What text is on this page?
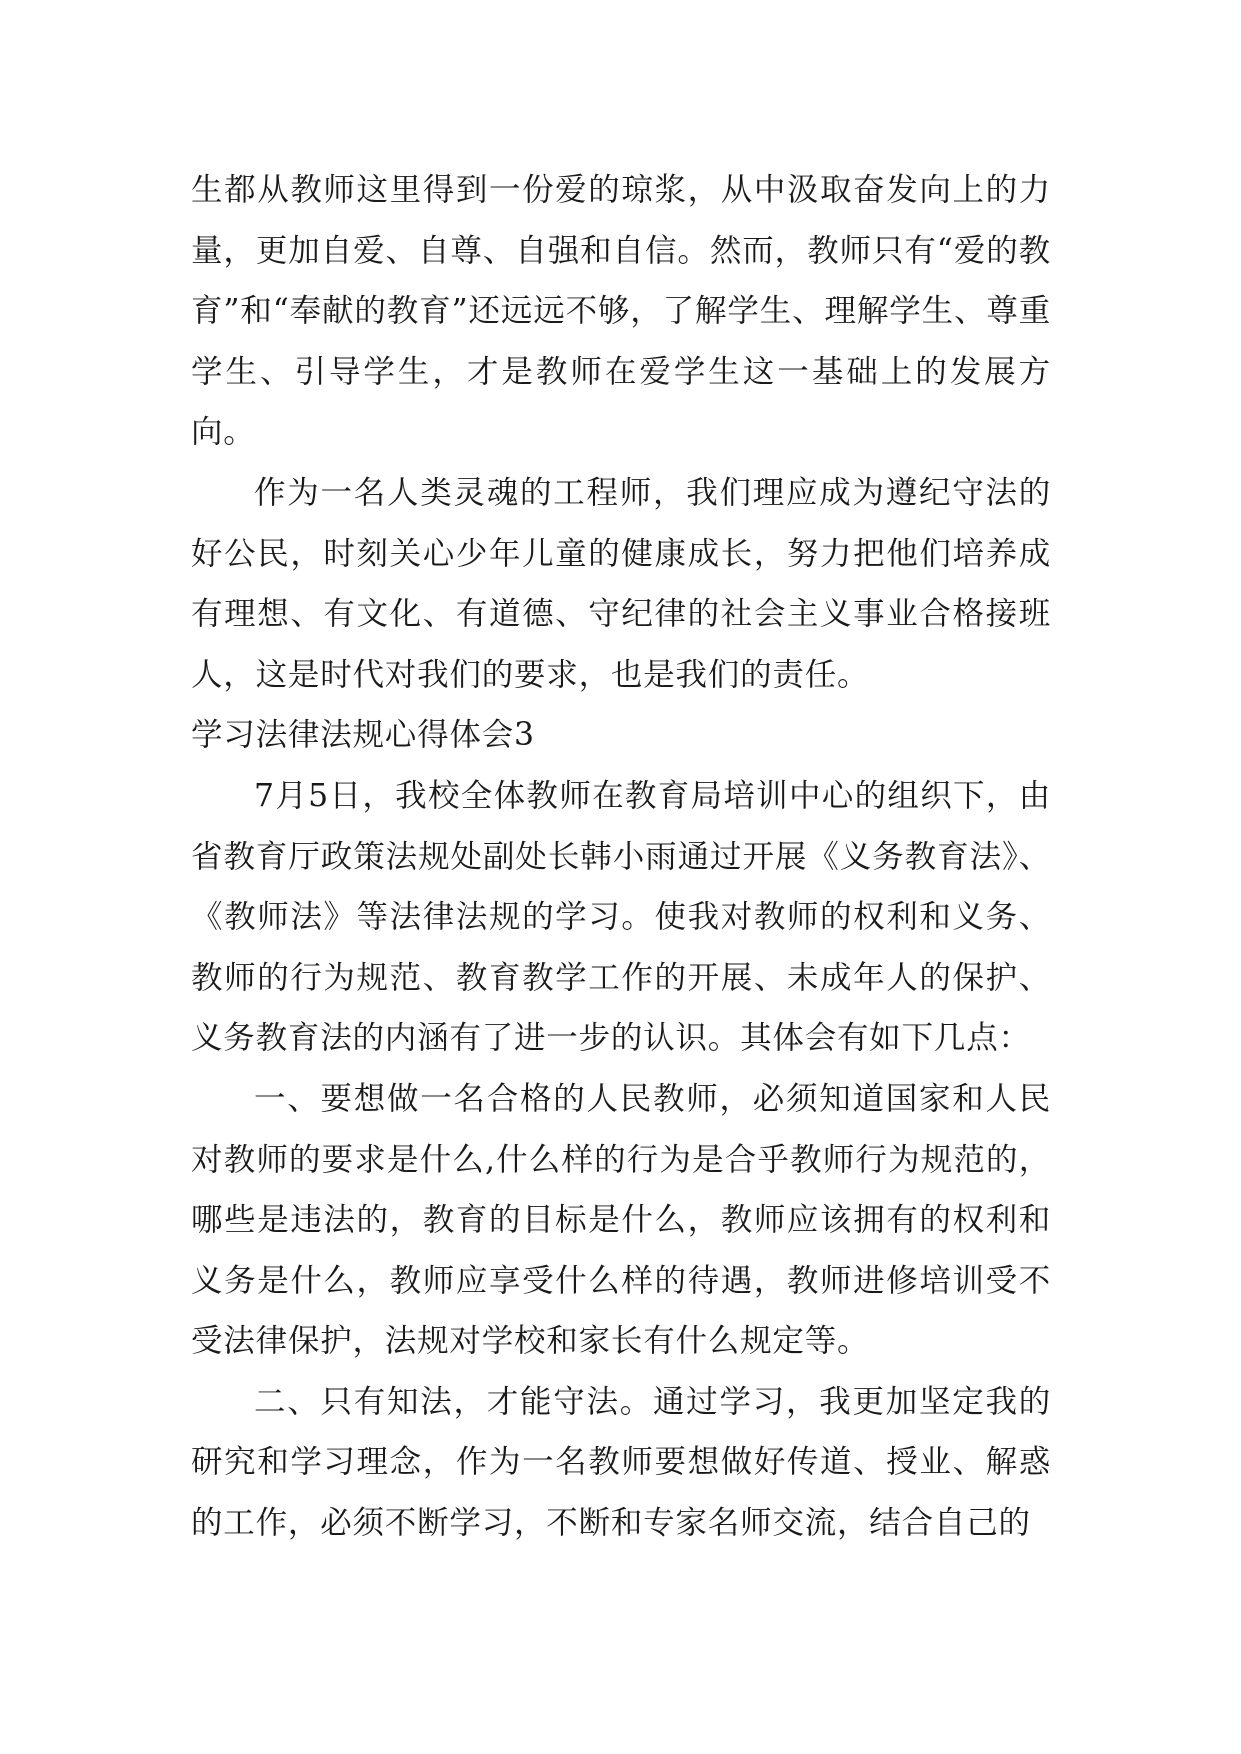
生都从教师这里得到一份爱的琼浆，从中汲取奋发向上的力量，更加自爱、自尊、自强和自信。然而，教师只有“爱的教育”和“奉献的教育”还远远不够，了解学生、理解学生、尊重学生、引导学生，才是教师在爱学生这一基础上的发展方向。

作为一名人类灵魂的工程师，我们理应成为遵纪守法的好公民，时刻关心少年儿童的健康成长，努力把他们培养成有理想、有文化、有道德、守纪律的社会主义事业合格接班人，这是时代对我们的要求，也是我们的责任。

学习法律法规心得体会3

7月5日，我校全体教师在教育局培训中心的组织下，由省教育厅政策法规处副处长韩小雨通过开展《义务教育法》、《教师法》等法律法规的学习。使我对教师的权利和义务、教师的行为规范、教育教学工作的开展、未成年人的保护、义务教育法的内涵有了进一步的认识。其体会有如下几点：

一、要想做一名合格的人民教师，必须知道国家和人民对教师的要求是什么,什么样的行为是合乎教师行为规范的，哪些是违法的，教育的目标是什么，教师应该拥有的权利和义务是什么，教师应享受什么样的待遇，教师进修培训受不受法律保护，法规对学校和家长有什么规定等。

二、只有知法，才能守法。通过学习，我更加坚定我的研究和学习理念，作为一名教师要想做好传道、授业、解惑的工作，必须不断学习，不断和专家名师交流，结合自己的
